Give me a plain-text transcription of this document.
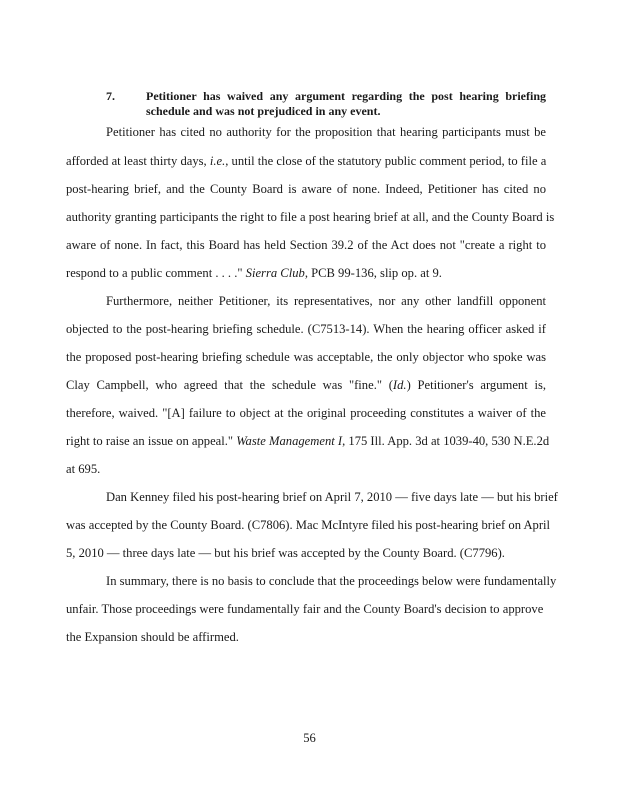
7.	Petitioner has waived any argument regarding the post hearing briefing schedule and was not prejudiced in any event.
Petitioner has cited no authority for the proposition that hearing participants must be
afforded at least thirty days, i.e., until the close of the statutory public comment period, to file a
post-hearing brief, and the County Board is aware of none. Indeed, Petitioner has cited no
authority granting participants the right to file a post hearing brief at all, and the County Board is
aware of none. In fact, this Board has held Section 39.2 of the Act does not "create a right to
respond to a public comment . . . ." Sierra Club, PCB 99-136, slip op. at 9.
Furthermore, neither Petitioner, its representatives, nor any other landfill opponent
objected to the post-hearing briefing schedule. (C7513-14). When the hearing officer asked if
the proposed post-hearing briefing schedule was acceptable, the only objector who spoke was
Clay Campbell, who agreed that the schedule was "fine." (Id.) Petitioner's argument is,
therefore, waived. "[A] failure to object at the original proceeding constitutes a waiver of the
right to raise an issue on appeal." Waste Management I, 175 Ill. App. 3d at 1039-40, 530 N.E.2d
at 695.
Dan Kenney filed his post-hearing brief on April 7, 2010 — five days late — but his brief
was accepted by the County Board. (C7806). Mac McIntyre filed his post-hearing brief on April
5, 2010 — three days late — but his brief was accepted by the County Board. (C7796).
In summary, there is no basis to conclude that the proceedings below were fundamentally
unfair. Those proceedings were fundamentally fair and the County Board's decision to approve
the Expansion should be affirmed.
56
